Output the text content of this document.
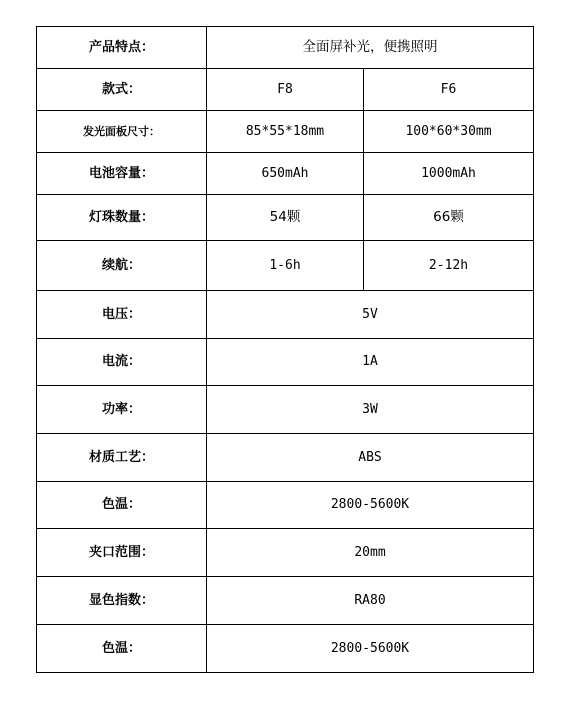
产品特点：	全面屏补光，便携照明	
款式：	F8	F6
发光面板尺寸：	85*55*18mm	100*60*30mm
电池容量：	650mAh	1000mAh
灯珠数量：	54颗	66颗
续航：	1-6h	2-12h
电压：	5V	
电流：	1A	
功率：	3W	
材质工艺：	ABS	
色温：	2800-5600K	
夹口范围：	20mm	
显色指数：	RA80	
色温：	2800-5600K	
